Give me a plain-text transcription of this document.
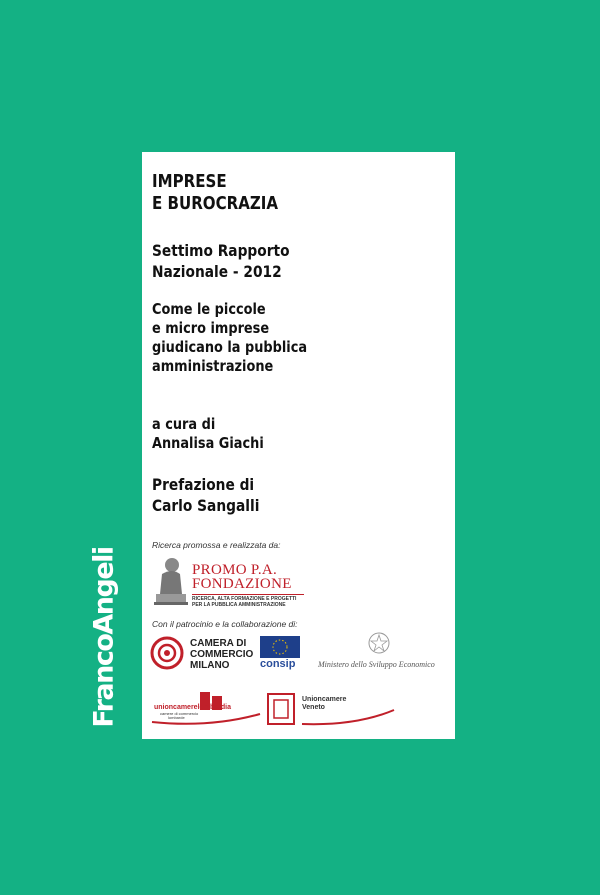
FrancoAngeli
IMPRESE
E BUROCRAZIA
Settimo Rapporto
Nazionale - 2012
Come le piccole
e micro imprese
giudicano la pubblica
amministrazione
a cura di
Annalisa Giachi
Prefazione di
Carlo Sangalli
Ricerca promossa e realizzata da:
PROMO P.A.
FONDAZIONE
RICERCA, ALTA FORMAZIONE E PROGETTI
PER LA PUBBLICA AMMINISTRAZIONE
Con il patrocinio e la collaborazione di:
CAMERA DI
COMMERCIO
MILANO	consip	Ministero dello Sviluppo Economico
unioncamerelombardia
camere di commercio
lombarde
Unioncamere
Veneto
